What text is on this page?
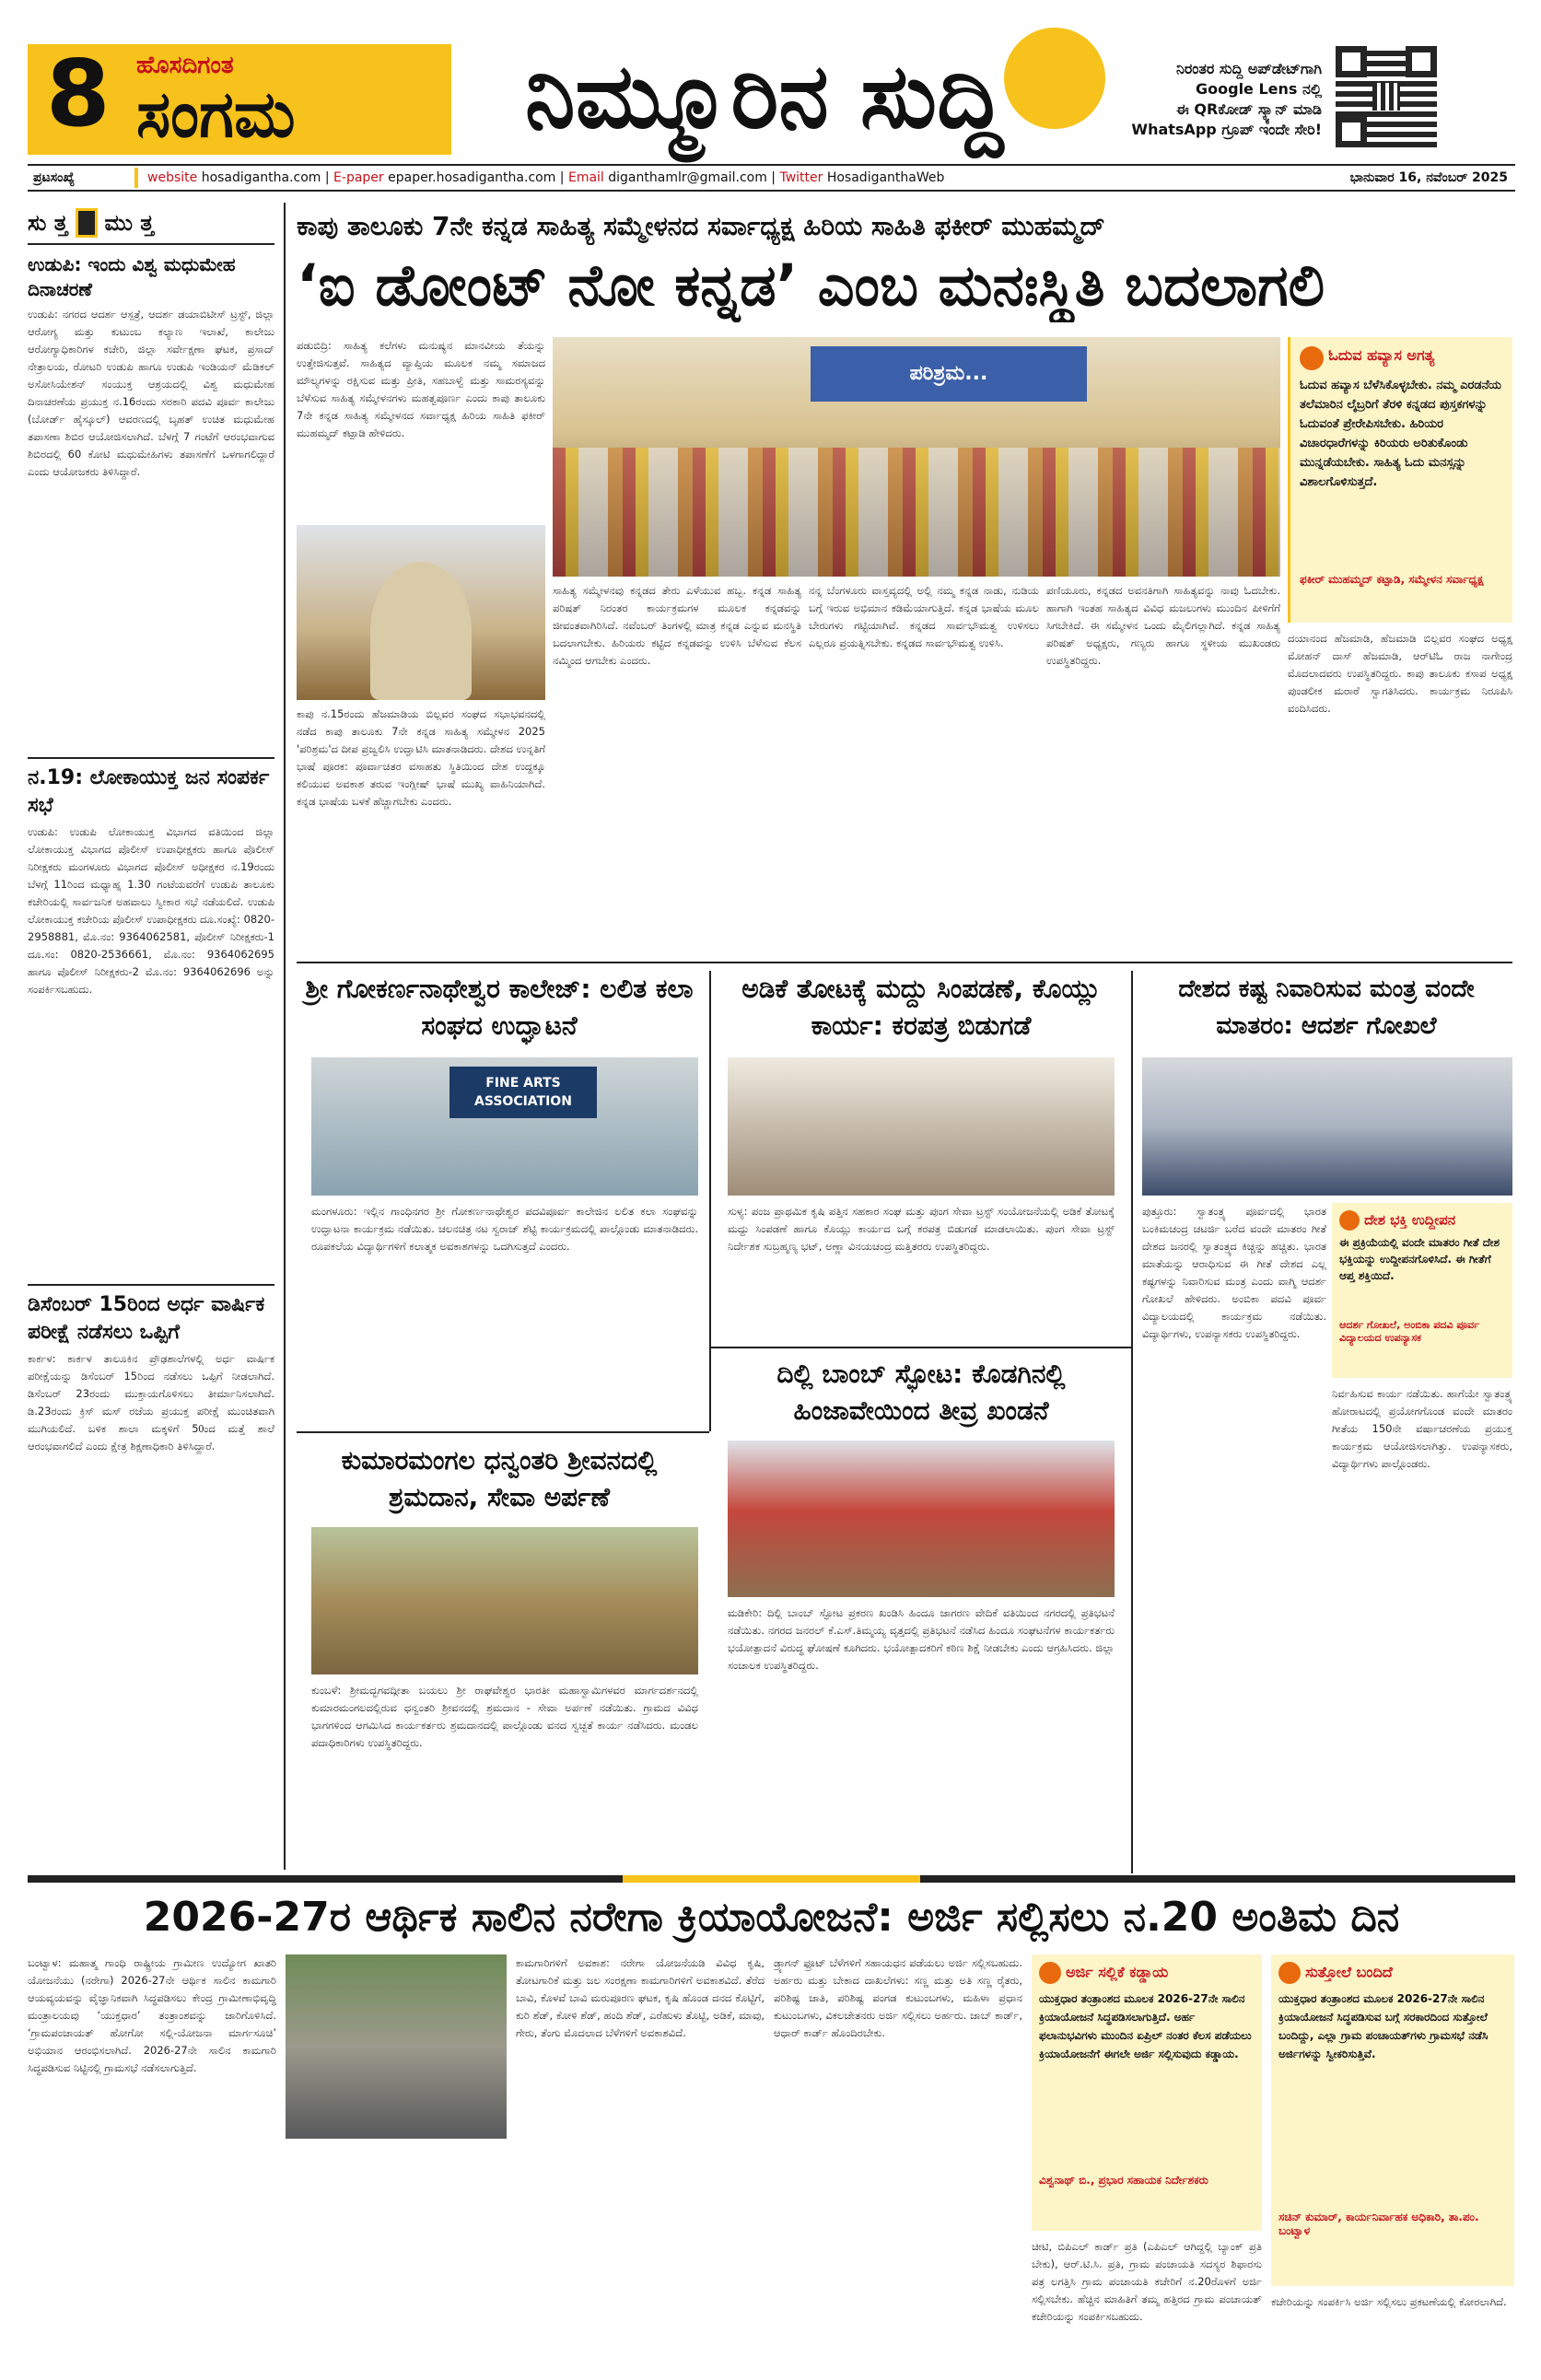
8 ಹೊಸದಿಗಂತ
ಸಂಗಮ	ನಿಮ್ಮೂರಿನ ಸುದ್ದಿ	ನಿರಂತರ ಸುದ್ದಿ ಅಪ್‌ಡೇಟ್‌ಗಾಗಿ
Google Lens ನಲ್ಲಿ
ಈ QRಕೋಡ್ ಸ್ಕ್ಯಾನ್ ಮಾಡಿ
WhatsApp ಗ್ರೂಪ್ ಇಂದೇ ಸೇರಿ!
ಪ್ರಟಸಂಖ್ಯೆ	website hosadigantha.com | E-paper epaper.hosadigantha.com | Email diganthamlr@gmail.com | Twitter HosadiganthaWeb	ಭಾನುವಾರ 16, ನವೆಂಬರ್ 2025
ಸು ತ್ತ ಮು ತ್ತ
ಉಡುಪಿ: ಇಂದು ವಿಶ್ವ ಮಧುಮೇಹ ದಿನಾಚರಣೆ
ಉಡುಪಿ: ನಗರದ ಆದರ್ಶ ಆಸ್ಪತ್ರೆ, ಆದರ್ಶ ಡಯಾಬಿಟೀಸ್ ಟ್ರಸ್ಟ್, ಜಿಲ್ಲಾ ಆರೋಗ್ಯ ಮತ್ತು ಕುಟುಂಬ ಕಲ್ಯಾಣ ಇಲಾಖೆ, ಕಾಲೇಜು ಆರೋಗ್ಯಾಧಿಕಾರಿಗಳ ಕಚೇರಿ, ಜಿಲ್ಲಾ ಸರ್ವೇಕ್ಷಣಾ ಘಟಕ, ಪ್ರಸಾದ್ ನೇತ್ರಾಲಯ, ರೋಟರಿ ಉಡುಪಿ ಹಾಗೂ ಉಡುಪಿ ಇಂಡಿಯನ್ ಮೆಡಿಕಲ್ ಅಸೋಸಿಯೇಶನ್ ಸಂಯುಕ್ತ ಆಶ್ರಯದಲ್ಲಿ ವಿಶ್ವ ಮಧುಮೇಹ ದಿನಾಚರಣೆಯ ಪ್ರಯುಕ್ತ ನ.16ರಂದು ಸರಕಾರಿ ಪದವಿ ಪೂರ್ವ ಕಾಲೇಜು (ಬೋರ್ಡ್ ಹೈಸ್ಕೂಲ್) ಆವರಣದಲ್ಲಿ ಬೃಹತ್ ಉಚಿತ ಮಧುಮೇಹ ತಪಾಸಣಾ ಶಿಬಿರ ಆಯೋಜಿಸಲಾಗಿದೆ. ಬೆಳಗ್ಗೆ 7 ಗಂಟೆಗೆ ಆರಂಭವಾಗುವ ಶಿಬಿರದಲ್ಲಿ 60 ಕೋಟಿ ಮಧುಮೇಹಿಗಳು ತಪಾಸಣೆಗೆ ಒಳಗಾಗಲಿದ್ದಾರೆ ಎಂದು ಆಯೋಜಕರು ತಿಳಿಸಿದ್ದಾರೆ.
ನ.19: ಲೋಕಾಯುಕ್ತ ಜನ ಸಂಪರ್ಕ ಸಭೆ
ಉಡುಪಿ: ಉಡುಪಿ ಲೋಕಾಯುಕ್ತ ವಿಭಾಗದ ವತಿಯಿಂದ ಜಿಲ್ಲಾ ಲೋಕಾಯುಕ್ತ ವಿಭಾಗದ ಪೊಲೀಸ್ ಉಪಾಧೀಕ್ಷಕರು ಹಾಗೂ ಪೊಲೀಸ್ ನಿರೀಕ್ಷಕರು ಮಂಗಳೂರು ವಿಭಾಗದ ಪೊಲೀಸ್ ಅಧೀಕ್ಷಕರ ನ.19ರಂದು ಬೆಳಗ್ಗೆ 11ರಿಂದ ಮಧ್ಯಾಹ್ನ 1.30 ಗಂಟೆಯವರೆಗೆ ಉಡುಪಿ ತಾಲೂಕು ಕಚೇರಿಯಲ್ಲಿ ಸಾರ್ವಜನಿಕ ಅಹವಾಲು ಸ್ವೀಕಾರ ಸಭೆ ನಡೆಯಲಿದೆ. ಉಡುಪಿ ಲೋಕಾಯುಕ್ತ ಕಚೇರಿಯ ಪೊಲೀಸ್ ಉಪಾಧೀಕ್ಷಕರು ದೂ.ಸಂಖ್ಯೆ: 0820-2958881, ಮೊ.ನಂ: 9364062581, ಪೊಲೀಸ್ ನಿರೀಕ್ಷಕರು-1 ದೂ.ಸಂ: 0820-2536661, ಮೊ.ನಂ: 9364062695 ಹಾಗೂ ಪೊಲೀಸ್ ನಿರೀಕ್ಷಕರು-2 ಮೊ.ನಂ: 9364062696 ಅನ್ನು ಸಂಪರ್ಕಿಸಬಹುದು.
ಡಿಸೆಂಬರ್ 15ರಿಂದ ಅರ್ಧ ವಾರ್ಷಿಕ ಪರೀಕ್ಷೆ ನಡೆಸಲು ಒಪ್ಪಿಗೆ
ಕಾರ್ಕಳ: ಕಾರ್ಕಳ ತಾಲೂಕಿನ ಪ್ರೌಢಶಾಲೆಗಳಲ್ಲಿ ಅರ್ಧ ವಾರ್ಷಿಕ ಪರೀಕ್ಷೆಯನ್ನು ಡಿಸೆಂಬರ್ 15ರಿಂದ ನಡೆಸಲು ಒಪ್ಪಿಗೆ ನೀಡಲಾಗಿದೆ. ಡಿಸೆಂಬರ್ 23ರಂದು ಮುಕ್ತಾಯಗೊಳಿಸಲು ತೀರ್ಮಾನಿಸಲಾಗಿದೆ. ಡಿ.23ರಂದು ಕ್ರಿಸ್ ಮಸ್ ರಜೆಯ ಪ್ರಯುಕ್ತ ಪರೀಕ್ಷೆ ಮುಂಚಿತವಾಗಿ ಮುಗಿಯಲಿದೆ. ಬಳಿಕ ಶಾಲಾ ಮಕ್ಕಳಿಗೆ 50ಂದ ಮತ್ತೆ ಶಾಲೆ ಆರಂಭವಾಗಲಿದೆ ಎಂದು ಕ್ಷೇತ್ರ ಶಿಕ್ಷಣಾಧಿಕಾರಿ ತಿಳಿಸಿದ್ದಾರೆ.
ಕಾಪು ತಾಲೂಕು 7ನೇ ಕನ್ನಡ ಸಾಹಿತ್ಯ ಸಮ್ಮೇಳನದ ಸರ್ವಾಧ್ಯಕ್ಷ ಹಿರಿಯ ಸಾಹಿತಿ ಫಕೀರ್ ಮುಹಮ್ಮದ್
‘ಐ ಡೋಂಟ್ ನೋ ಕನ್ನಡ’ ಎಂಬ ಮನಃಸ್ಥಿತಿ ಬದಲಾಗಲಿ
ಪಡುಬಿದ್ರಿ: ಸಾಹಿತ್ಯ ಕಲೆಗಳು ಮನುಷ್ಯನ ಮಾನವೀಯ ತೆಯನ್ನು ಉತ್ತೇಜಿಸುತ್ತವೆ. ಸಾಹಿತ್ಯದ ವ್ಯಾಪ್ತಿಯ ಮೂಲಕ ನಮ್ಮ ಸಮಾಜದ ಮೌಲ್ಯಗಳನ್ನು ರಕ್ಷಿಸುವ ಮತ್ತು ಪ್ರೀತಿ, ಸಹಬಾಳ್ವೆ ಮತ್ತು ಸಾಮರಸ್ಯವನ್ನು ಬೆಳೆಸುವ ಸಾಹಿತ್ಯ ಸಮ್ಮೇಳನಗಳು ಮಹತ್ವಪೂರ್ಣ ಎಂದು ಕಾಪು ತಾಲೂಕು 7ನೇ ಕನ್ನಡ ಸಾಹಿತ್ಯ ಸಮ್ಮೇಳನದ ಸರ್ವಾಧ್ಯಕ್ಷ ಹಿರಿಯ ಸಾಹಿತಿ ಫಕೀರ್ ಮುಹಮ್ಮದ್ ಕಟ್ಪಾಡಿ ಹೇಳಿದರು.
ಕಾಪು ನ.15ರಂದು ಹೆಜಮಾಡಿಯ ಬಿಲ್ಲವರ ಸಂಘದ ಸಭಾಭವನದಲ್ಲಿ ನಡೆದ ಕಾಪು ತಾಲೂಕು 7ನೇ ಕನ್ನಡ ಸಾಹಿತ್ಯ ಸಮ್ಮೇಳನ 2025 'ಪರಿಶ್ರಮ'ದ ದೀಪ ಪ್ರಜ್ವಲಿಸಿ ಉದ್ಘಾಟಿಸಿ ಮಾತನಾಡಿದರು. ದೇಶದ ಉನ್ನತಿಗೆ ಭಾಷೆ ಪೂರಕ: ಪೂರ್ವಾಚಿತರ ವಸಾಹತು ಸ್ಥಿತಿಯಿಂದ ದೇಶ ಉದ್ದಕ್ಕೂ ಕಲಿಯುವ ಅವಕಾಶ ತರುವ ಇಂಗ್ಲೀಷ್ ಭಾಷೆ ಮುಖ್ಯ ವಾಹಿನಿಯಾಗಿದೆ. ಕನ್ನಡ ಭಾಷೆಯ ಬಳಕೆ ಹೆಚ್ಚಾಗಬೇಕು ಎಂದರು.
ಪರಿಶ್ರಮ...
ಸಾಹಿತ್ಯ ಸಮ್ಮೇಳನವು ಕನ್ನಡದ ತೇರು ಎಳೆಯುವ ಹಬ್ಬ. ಕನ್ನಡ ಸಾಹಿತ್ಯ ಪರಿಷತ್ ನಿರಂತರ ಕಾರ್ಯಕ್ರಮಗಳ ಮೂಲಕ ಕನ್ನಡವನ್ನು ಜೀವಂತವಾಗಿರಿಸಿದೆ. ನವೆಂಬರ್ ತಿಂಗಳಲ್ಲಿ ಮಾತ್ರ ಕನ್ನಡ ಎನ್ನುವ ಮನಸ್ಥಿತಿ ಬದಲಾಗಬೇಕು. ಹಿರಿಯರು ಕಟ್ಟಿದ ಕನ್ನಡವನ್ನು ಉಳಿಸಿ ಬೆಳೆಸುವ ಕೆಲಸ ನಮ್ಮಿಂದ ಆಗಬೇಕು ಎಂದರು.
ನನ್ನ ಬೆಂಗಳೂರು ವಾಸ್ತವ್ಯದಲ್ಲಿ ಅಲ್ಲಿ ನಮ್ಮ ಕನ್ನಡ ನಾಡು, ನುಡಿಯ ಬಗ್ಗೆ ಇರುವ ಅಭಿಮಾನ ಕಡಿಮೆಯಾಗುತ್ತಿದೆ. ಕನ್ನಡ ಭಾಷೆಯ ಮೂಲ ಬೇರುಗಳು ಗಟ್ಟಿಯಾಗಿವೆ. ಕನ್ನಡದ ಸಾರ್ವಭೌಮತ್ವ ಉಳಿಸಲು ಎಲ್ಲರೂ ಪ್ರಯತ್ನಿಸಬೇಕು. ಕನ್ನಡದ ಸಾರ್ವಭೌಮತ್ವ ಉಳಿಸಿ.
ಪಣಿಯೂರು, ಕನ್ನಡದ ಅವನತಿಗಾಗಿ ಸಾಹಿತ್ಯವನ್ನು ನಾವು ಓದಬೇಕು. ಹಾಗಾಗಿ ಇಂತಹ ಸಾಹಿತ್ಯದ ವಿವಿಧ ಮಜಲುಗಳು ಮುಂದಿನ ಪೀಳಿಗೆಗೆ ಸಿಗಬೇಕಿದೆ. ಈ ಸಮ್ಮೇಳನ ಒಂದು ಮೈಲಿಗಲ್ಲಾಗಿದೆ. ಕನ್ನಡ ಸಾಹಿತ್ಯ ಪರಿಷತ್ ಅಧ್ಯಕ್ಷರು, ಗಣ್ಯರು ಹಾಗೂ ಸ್ಥಳೀಯ ಮುಖಂಡರು ಉಪಸ್ಥಿತರಿದ್ದರು.
ಓದುವ ಹವ್ಯಾಸ ಅಗತ್ಯ
ಓದುವ ಹವ್ಯಾಸ ಬೆಳೆಸಿಕೊಳ್ಳಬೇಕು. ನಮ್ಮ ಎರಡನೆಯ ತಲೆಮಾರಿನ ಲೈಬ್ರರಿಗೆ ತೆರಳಿ ಕನ್ನಡದ ಪುಸ್ತಕಗಳನ್ನು ಓದುವಂತೆ ಪ್ರೇರೇಪಿಸಬೇಕು. ಹಿರಿಯರ ವಿಚಾರಧಾರೆಗಳನ್ನು ಕಿರಿಯರು ಅರಿತುಕೊಂಡು ಮುನ್ನಡೆಯಬೇಕು. ಸಾಹಿತ್ಯ ಓದು ಮನಸ್ಸನ್ನು ವಿಶಾಲಗೊಳಿಸುತ್ತದೆ.
ಫಕೀರ್ ಮುಹಮ್ಮದ್ ಕಟ್ಪಾಡಿ, ಸಮ್ಮೇಳನ ಸರ್ವಾಧ್ಯಕ್ಷ
ದಯಾನಂದ ಹೆಜಮಾಡಿ, ಹೆಜಮಾಡಿ ಬಿಲ್ಲವರ ಸಂಘದ ಅಧ್ಯಕ್ಷ ಮೋಹನ್ ದಾಸ್ ಹೆಜಮಾಡಿ, ಆರ್‌ಟಿಓ ರಾಜ ನಾಗೇಂದ್ರ ಮೊದಲಾದವರು ಉಪಸ್ಥಿತರಿದ್ದರು. ಕಾಪು ತಾಲೂಕು ಕಸಾಪ ಅಧ್ಯಕ್ಷ ಪುಂಡಲೀಕ ಮರಾಠೆ ಸ್ವಾಗತಿಸಿದರು. ಕಾರ್ಯಕ್ರಮ ನಿರೂಪಿಸಿ ವಂದಿಸಿದರು.
ಶ್ರೀ ಗೋಕರ್ಣನಾಥೇಶ್ವರ ಕಾಲೇಜ್: ಲಲಿತ ಕಲಾ ಸಂಘದ ಉದ್ಘಾಟನೆ
FINE ARTS ASSOCIATION
ಮಂಗಳೂರು: ಇಲ್ಲಿನ ಗಾಂಧಿನಗರ ಶ್ರೀ ಗೋಕರ್ಣನಾಥೇಶ್ವರ ಪದವಿಪೂರ್ವ ಕಾಲೇಜಿನ ಲಲಿತ ಕಲಾ ಸಂಘವನ್ನು ಉದ್ಘಾಟನಾ ಕಾರ್ಯಕ್ರಮ ನಡೆಯಿತು. ಚಲನಚಿತ್ರ ನಟ ಸ್ವರಾಜ್ ಶೆಟ್ಟಿ ಕಾರ್ಯಕ್ರಮದಲ್ಲಿ ಪಾಲ್ಗೊಂಡು ಮಾತನಾಡಿದರು. ರೂಪಕಲೆಯ ವಿದ್ಯಾರ್ಥಿಗಳಿಗೆ ಕಲಾತ್ಮಕ ಅವಕಾಶಗಳನ್ನು ಒದಗಿಸುತ್ತದೆ ಎಂದರು.
ಅಡಿಕೆ ತೋಟಕ್ಕೆ ಮದ್ದು ಸಿಂಪಡಣೆ, ಕೊಯ್ಲು ಕಾರ್ಯ: ಕರಪತ್ರ ಬಿಡುಗಡೆ
ಸುಳ್ಯ: ಪಂಜ ಪ್ರಾಥಮಿಕ ಕೃಷಿ ಪತ್ತಿನ ಸಹಕಾರ ಸಂಘ ಮತ್ತು ಪುಂಗ ಸೇವಾ ಟ್ರಸ್ಟ್ ಸಂಯೋಜನೆಯಲ್ಲಿ ಅಡಿಕೆ ತೋಟಕ್ಕೆ ಮದ್ದು ಸಿಂಪಡಣೆ ಹಾಗೂ ಕೊಯ್ಲು ಕಾರ್ಯದ ಬಗ್ಗೆ ಕರಪತ್ರ ಬಿಡುಗಡೆ ಮಾಡಲಾಯಿತು. ಪುಂಗ ಸೇವಾ ಟ್ರಸ್ಟ್ ನಿರ್ದೇಶಕ ಸುಬ್ರಹ್ಮಣ್ಯ ಭಟ್, ಅಣ್ಣಾ ವಿನಯಚಂದ್ರ ಮತ್ತಿತರರು ಉಪಸ್ಥಿತರಿದ್ದರು.
ದೇಶದ ಕಷ್ಟ ನಿವಾರಿಸುವ ಮಂತ್ರ ವಂದೇ ಮಾತರಂ: ಆದರ್ಶ ಗೋಖಲೆ
ಪುತ್ತೂರು: ಸ್ವಾತಂತ್ರ್ಯ ಪೂರ್ವದಲ್ಲಿ ಭಾರತ ಬಂಕಿಮಚಂದ್ರ ಚಟರ್ಜಿ ಬರೆದ ವಂದೇ ಮಾತರಂ ಗೀತೆ ದೇಶದ ಜನರಲ್ಲಿ ಸ್ವಾತಂತ್ರ್ಯದ ಕಿಚ್ಚನ್ನು ಹಚ್ಚಿತು. ಭಾರತ ಮಾತೆಯನ್ನು ಆರಾಧಿಸುವ ಈ ಗೀತೆ ದೇಶದ ಎಲ್ಲ ಕಷ್ಟಗಳನ್ನು ನಿವಾರಿಸುವ ಮಂತ್ರ ಎಂದು ವಾಗ್ಮಿ ಆದರ್ಶ ಗೋಖಲೆ ಹೇಳಿದರು. ಅಂಬಿಕಾ ಪದವಿ ಪೂರ್ವ ವಿದ್ಯಾಲಯದಲ್ಲಿ ಕಾರ್ಯಕ್ರಮ ನಡೆಯಿತು. ವಿದ್ಯಾರ್ಥಿಗಳು, ಉಪನ್ಯಾಸಕರು ಉಪಸ್ಥಿತರಿದ್ದರು.
ದೇಶ ಭಕ್ತಿ ಉದ್ದೀಪನ
ಈ ಪ್ರಕ್ರಿಯೆಯಲ್ಲಿ ವಂದೇ ಮಾತರಂ ಗೀತೆ ದೇಶ ಭಕ್ತಿಯನ್ನು ಉದ್ದೀಪನಗೊಳಿಸಿದೆ. ಈ ಗೀತೆಗೆ ಆಪ್ತ ಶಕ್ತಿಯಿದೆ.
ಆದರ್ಶ ಗೋಖಲೆ, ಅಂಬಿಕಾ ಪದವಿ ಪೂರ್ವ ವಿದ್ಯಾಲಯದ ಉಪನ್ಯಾಸಕ
ನಿರ್ವಹಿಸುವ ಕಾರ್ಯ ನಡೆಯಿತು. ಹಾಗೆಯೇ ಸ್ವಾತಂತ್ರ್ಯ ಹೋರಾಟದಲ್ಲಿ ಪ್ರಯೋಗಗೊಂಡ ವಂದೇ ಮಾತರಂ ಗೀತೆಯ 150ನೇ ವರ್ಷಾಚರಣೆಯ ಪ್ರಯುಕ್ತ ಕಾರ್ಯಕ್ರಮ ಆಯೋಜಿಸಲಾಗಿತ್ತು. ಉಪನ್ಯಾಸಕರು, ವಿದ್ಯಾರ್ಥಿಗಳು ಪಾಲ್ಗೊಂಡರು.
ಕುಮಾರಮಂಗಲ ಧನ್ವಂತರಿ ಶ್ರೀವನದಲ್ಲಿ ಶ್ರಮದಾನ, ಸೇವಾ ಅರ್ಪಣೆ
ಕುಂಬಳೆ: ಶ್ರೀಮದ್ಭಗವದ್ಗೀತಾ ಬಯಲು ಶ್ರೀ ರಾಘವೇಶ್ವರ ಭಾರತೀ ಮಹಾಸ್ವಾಮಿಗಳವರ ಮಾರ್ಗದರ್ಶನದಲ್ಲಿ ಕುಮಾರಮಂಗಲದಲ್ಲಿರುವ ಧನ್ವಂತರಿ ಶ್ರೀವನದಲ್ಲಿ ಶ್ರಮದಾನ - ಸೇವಾ ಅರ್ಪಣೆ ನಡೆಯಿತು. ಗ್ರಾಮದ ವಿವಿಧ ಭಾಗಗಳಿಂದ ಆಗಮಿಸಿದ ಕಾರ್ಯಕರ್ತರು ಶ್ರಮದಾನದಲ್ಲಿ ಪಾಲ್ಗೊಂಡು ವನದ ಸ್ವಚ್ಛತೆ ಕಾರ್ಯ ನಡೆಸಿದರು. ಮಂಡಲ ಪದಾಧಿಕಾರಿಗಳು ಉಪಸ್ಥಿತರಿದ್ದರು.
ದಿಲ್ಲಿ ಬಾಂಬ್ ಸ್ಫೋಟ: ಕೊಡಗಿನಲ್ಲಿ ಹಿಂಜಾವೇಯಿಂದ ತೀವ್ರ ಖಂಡನೆ
ಮಡಿಕೇರಿ: ದಿಲ್ಲಿ ಬಾಂಬ್ ಸ್ಫೋಟ ಪ್ರಕರಣ ಖಂಡಿಸಿ ಹಿಂದೂ ಜಾಗರಣ ವೇದಿಕೆ ವತಿಯಿಂದ ನಗರದಲ್ಲಿ ಪ್ರತಿಭಟನೆ ನಡೆಯಿತು. ನಗರದ ಜನರಲ್ ಕೆ.ಎಸ್.ತಿಮ್ಮಯ್ಯ ವೃತ್ತದಲ್ಲಿ ಪ್ರತಿಭಟನೆ ನಡೆಸಿದ ಹಿಂದೂ ಸಂಘಟನೆಗಳ ಕಾರ್ಯಕರ್ತರು ಭಯೋತ್ಪಾದನೆ ವಿರುದ್ಧ ಘೋಷಣೆ ಕೂಗಿದರು. ಭಯೋತ್ಪಾದಕರಿಗೆ ಕಠಿಣ ಶಿಕ್ಷೆ ನೀಡಬೇಕು ಎಂದು ಆಗ್ರಹಿಸಿದರು. ಜಿಲ್ಲಾ ಸಂಚಾಲಕ ಉಪಸ್ಥಿತರಿದ್ದರು.
2026-27ರ ಆರ್ಥಿಕ ಸಾಲಿನ ನರೇಗಾ ಕ್ರಿಯಾಯೋಜನೆ: ಅರ್ಜಿ ಸಲ್ಲಿಸಲು ನ.20 ಅಂತಿಮ ದಿನ
ಬಂಟ್ವಾಳ: ಮಹಾತ್ಮ ಗಾಂಧಿ ರಾಷ್ಟ್ರೀಯ ಗ್ರಾಮೀಣ ಉದ್ಯೋಗ ಖಾತರಿ ಯೋಜನೆಯು (ನರೇಗಾ) 2026-27ನೇ ಆರ್ಥಿಕ ಸಾಲಿನ ಕಾಮಗಾರಿ ಆಯವ್ಯಯವನ್ನು ವೈಜ್ಞಾನಿಕವಾಗಿ ಸಿದ್ಧಪಡಿಸಲು ಕೇಂದ್ರ ಗ್ರಾಮೀಣಾಭಿವೃದ್ಧಿ ಮಂತ್ರಾಲಯವು ‘ಯುಕ್ತಧಾರ’ ತಂತ್ರಾಂಶವನ್ನು ಜಾರಿಗೊಳಿಸಿದೆ. ‘ಗ್ರಾಮಪಂಚಾಯತ್ ಹೋಗೋ ಸಲ್ಲಿ-ಯೋಜನಾ ಮಾರ್ಗಸೂಚಿ’ ಅಭಿಯಾನ ಆರಂಭಿಸಲಾಗಿದೆ. 2026-27ನೇ ಸಾಲಿನ ಕಾಮಗಾರಿ ಸಿದ್ಧಪಡಿಸುವ ನಿಟ್ಟಿನಲ್ಲಿ ಗ್ರಾಮಸಭೆ ನಡೆಸಲಾಗುತ್ತಿದೆ.
ಕಾಮಗಾರಿಗಳಿಗೆ ಅವಕಾಶ: ನರೇಗಾ ಯೋಜನೆಯಡಿ ವಿವಿಧ ಕೃಷಿ, ತೋಟಗಾರಿಕೆ ಮತ್ತು ಜಲ ಸಂರಕ್ಷಣಾ ಕಾಮಗಾರಿಗಳಿಗೆ ಅವಕಾಶವಿದೆ. ತೆರೆದ ಬಾವಿ, ಕೊಳವೆ ಬಾವಿ ಮರುಪೂರಣ ಘಟಕ, ಕೃಷಿ ಹೊಂಡ ದನದ ಕೊಟ್ಟಿಗೆ, ಕುರಿ ಶೆಡ್, ಕೋಳಿ ಶೆಡ್, ಹಂದಿ ಶೆಡ್, ಎರೆಹುಳು ತೊಟ್ಟಿ, ಅಡಿಕೆ, ಮಾವು, ಗೇರು, ತೆಂಗು ಮೊದಲಾದ ಬೆಳೆಗಳಿಗೆ ಅವಕಾಶವಿದೆ.
ಡ್ರ್ಯಾಗನ್ ಫ್ರೂಟ್ ಬೆಳೆಗಳಿಗೆ ಸಹಾಯಧನ ಪಡೆಯಲು ಅರ್ಜಿ ಸಲ್ಲಿಸಬಹುದು. ಅರ್ಹರು ಮತ್ತು ಬೇಕಾದ ದಾಖಲೆಗಳು: ಸಣ್ಣ ಮತ್ತು ಅತಿ ಸಣ್ಣ ರೈತರು, ಪರಿಶಿಷ್ಟ ಜಾತಿ, ಪರಿಶಿಷ್ಟ ಪಂಗಡ ಕುಟುಂಬಗಳು, ಮಹಿಳಾ ಪ್ರಧಾನ ಕುಟುಂಬಗಳು, ವಿಕಲಚೇತನರು ಅರ್ಜಿ ಸಲ್ಲಿಸಲು ಅರ್ಹರು. ಜಾಬ್ ಕಾರ್ಡ್, ಆಧಾರ್ ಕಾರ್ಡ್ ಹೊಂದಿರಬೇಕು.
ಅರ್ಜಿ ಸಲ್ಲಿಕೆ ಕಡ್ಡಾಯ
ಯುಕ್ತಧಾರ ತಂತ್ರಾಂಶದ ಮೂಲಕ 2026-27ನೇ ಸಾಲಿನ ಕ್ರಿಯಾಯೋಜನೆ ಸಿದ್ಧಪಡಿಸಲಾಗುತ್ತಿದೆ. ಅರ್ಹ ಫಲಾನುಭವಿಗಳು ಮುಂದಿನ ಏಪ್ರಿಲ್ ನಂತರ ಕೆಲಸ ಪಡೆಯಲು ಕ್ರಿಯಾಯೋಜನೆಗೆ ಈಗಲೇ ಅರ್ಜಿ ಸಲ್ಲಿಸುವುದು ಕಡ್ಡಾಯ.
ವಿಶ್ವನಾಥ್ ಬಿ., ಪ್ರಭಾರ ಸಹಾಯಕ ನಿರ್ದೇಶಕರು
ಚೀಟಿ, ಬಿಪಿಎಲ್ ಕಾರ್ಡ್ ಪ್ರತಿ (ಎಪಿಎಲ್ ಆಗಿದ್ದಲ್ಲಿ ಬ್ಯಾಂಕ್ ಪ್ರತಿ ಬೇಕು), ಆರ್.ಟಿ.ಸಿ. ಪ್ರತಿ, ಗ್ರಾಮ ಪಂಚಾಯತಿ ಸದಸ್ಯರ ಶಿಫಾರಸು ಪತ್ರ ಲಗತ್ತಿಸಿ ಗ್ರಾಮ ಪಂಚಾಯತಿ ಕಚೇರಿಗೆ ನ.20ರೊಳಗೆ ಅರ್ಜಿ ಸಲ್ಲಿಸಬೇಕು. ಹೆಚ್ಚಿನ ಮಾಹಿತಿಗೆ ತಮ್ಮ ಹತ್ತಿರದ ಗ್ರಾಮ ಪಂಚಾಯತ್ ಕಚೇರಿಯನ್ನು ಸಂಪರ್ಕಿಸಬಹುದು.
ಸುತ್ತೋಲೆ ಬಂದಿದೆ
ಯುಕ್ತಧಾರ ತಂತ್ರಾಂಶದ ಮೂಲಕ 2026-27ನೇ ಸಾಲಿನ ಕ್ರಿಯಾಯೋಜನೆ ಸಿದ್ಧಪಡಿಸುವ ಬಗ್ಗೆ ಸರಕಾರದಿಂದ ಸುತ್ತೋಲೆ ಬಂದಿದ್ದು, ಎಲ್ಲಾ ಗ್ರಾಮ ಪಂಚಾಯತ್‌ಗಳು ಗ್ರಾಮಸಭೆ ನಡೆಸಿ ಅರ್ಜಿಗಳನ್ನು ಸ್ವೀಕರಿಸುತ್ತಿವೆ.
ಸಚಿನ್ ಕುಮಾರ್, ಕಾರ್ಯನಿರ್ವಾಹಕ ಅಧಿಕಾರಿ, ತಾ.ಪಂ. ಬಂಟ್ವಾಳ
ಕಚೇರಿಯನ್ನು ಸಂಪರ್ಕಿಸಿ ಅರ್ಜಿ ಸಲ್ಲಿಸಲು ಪ್ರಕಟಣೆಯಲ್ಲಿ ಕೋರಲಾಗಿದೆ.
